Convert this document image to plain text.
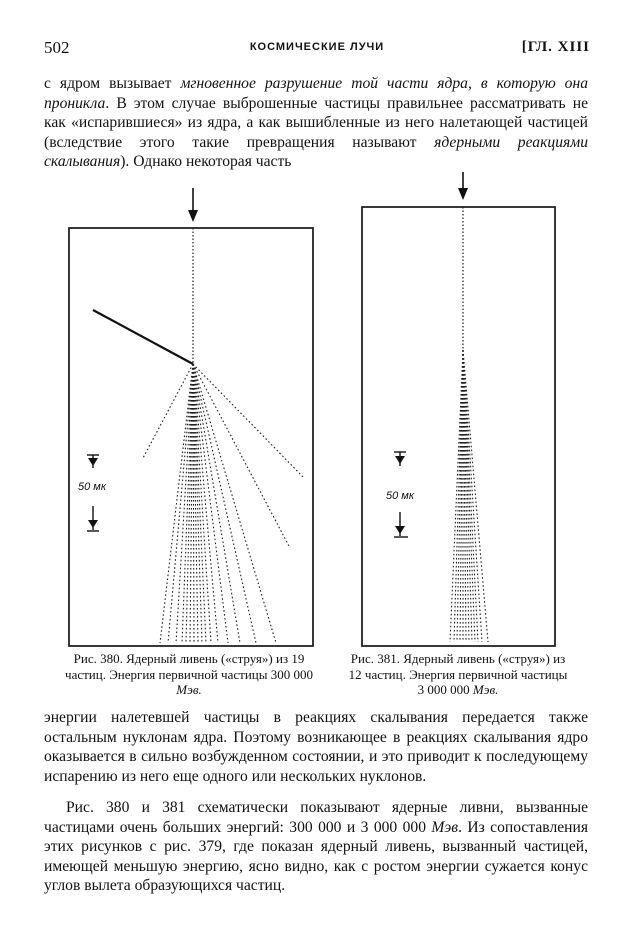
502	КОСМИЧЕСКИЕ ЛУЧИ	[ГЛ. XIII

с ядром вызывает мгновенное разрушение той части ядра, в которую она проникла. В этом случае выброшенные частицы правильнее рассматривать не как «испарившиеся» из ядра, а как вышибленные из него налетающей частицей (вследствие этого такие превращения называют ядерными реакциями скалывания). Однако некоторая часть

50 мк
50 мк
Рис. 380. Ядерный ливень («струя») из 19 частиц. Энергия первичной частицы 300 000 Мэв.
Рис. 381. Ядерный ливень («струя») из 12 частиц. Энергия первичной частицы 3 000 000 Мэв.

энергии налетевшей частицы в реакциях скалывания передается также остальным нуклонам ядра. Поэтому возникающее в реакциях скалывания ядро оказывается в сильно возбужденном состоянии, и это приводит к последующему испарению из него еще одного или нескольких нуклонов.

Рис. 380 и 381 схематически показывают ядерные ливни, вызванные частицами очень больших энергий: 300 000 и 3 000 000 Мэв. Из сопоставления этих рисунков с рис. 379, где показан ядерный ливень, вызванный частицей, имеющей меньшую энергию, ясно видно, как с ростом энергии сужается конус углов вылета образующихся частиц.
